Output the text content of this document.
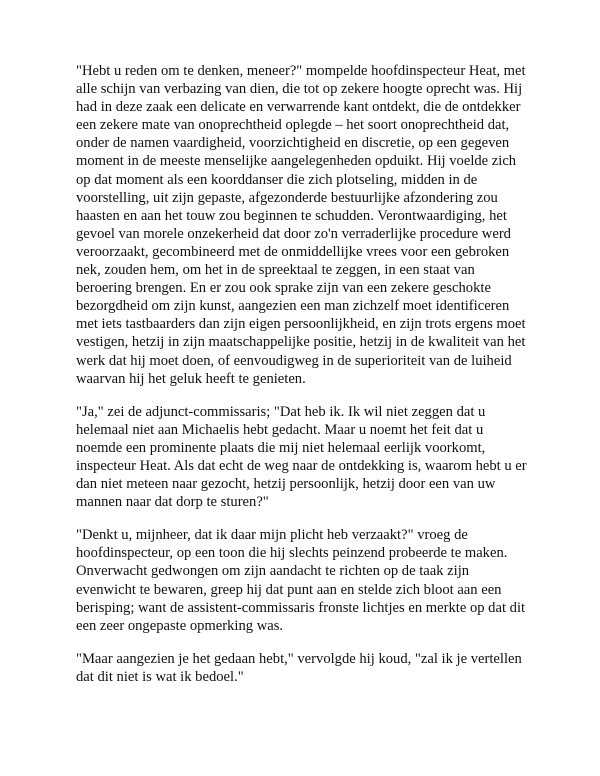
"Hebt u reden om te denken, meneer?" mompelde hoofdinspecteur Heat, met alle schijn van verbazing van dien, die tot op zekere hoogte oprecht was. Hij had in deze zaak een delicate en verwarrende kant ontdekt, die de ontdekker een zekere mate van onoprechtheid oplegde – het soort onoprechtheid dat, onder de namen vaardigheid, voorzichtigheid en discretie, op een gegeven moment in de meeste menselijke aangelegenheden opduikt. Hij voelde zich op dat moment als een koorddanser die zich plotseling, midden in de voorstelling, uit zijn gepaste, afgezonderde bestuurlijke afzondering zou haasten en aan het touw zou beginnen te schudden. Verontwaardiging, het gevoel van morele onzekerheid dat door zo'n verraderlijke procedure werd veroorzaakt, gecombineerd met de onmiddellijke vrees voor een gebroken nek, zouden hem, om het in de spreektaal te zeggen, in een staat van beroering brengen. En er zou ook sprake zijn van een zekere geschokte bezorgdheid om zijn kunst, aangezien een man zichzelf moet identificeren met iets tastbaarders dan zijn eigen persoonlijkheid, en zijn trots ergens moet vestigen, hetzij in zijn maatschappelijke positie, hetzij in de kwaliteit van het werk dat hij moet doen, of eenvoudigweg in de superioriteit van de luiheid waarvan hij het geluk heeft te genieten.

"Ja," zei de adjunct-commissaris; "Dat heb ik. Ik wil niet zeggen dat u helemaal niet aan Michaelis hebt gedacht. Maar u noemt het feit dat u noemde een prominente plaats die mij niet helemaal eerlijk voorkomt, inspecteur Heat. Als dat echt de weg naar de ontdekking is, waarom hebt u er dan niet meteen naar gezocht, hetzij persoonlijk, hetzij door een van uw mannen naar dat dorp te sturen?"

"Denkt u, mijnheer, dat ik daar mijn plicht heb verzaakt?" vroeg de hoofdinspecteur, op een toon die hij slechts peinzend probeerde te maken. Onverwacht gedwongen om zijn aandacht te richten op de taak zijn evenwicht te bewaren, greep hij dat punt aan en stelde zich bloot aan een berisping; want de assistent-commissaris fronste lichtjes en merkte op dat dit een zeer ongepaste opmerking was.

"Maar aangezien je het gedaan hebt," vervolgde hij koud, "zal ik je vertellen dat dit niet is wat ik bedoel."
